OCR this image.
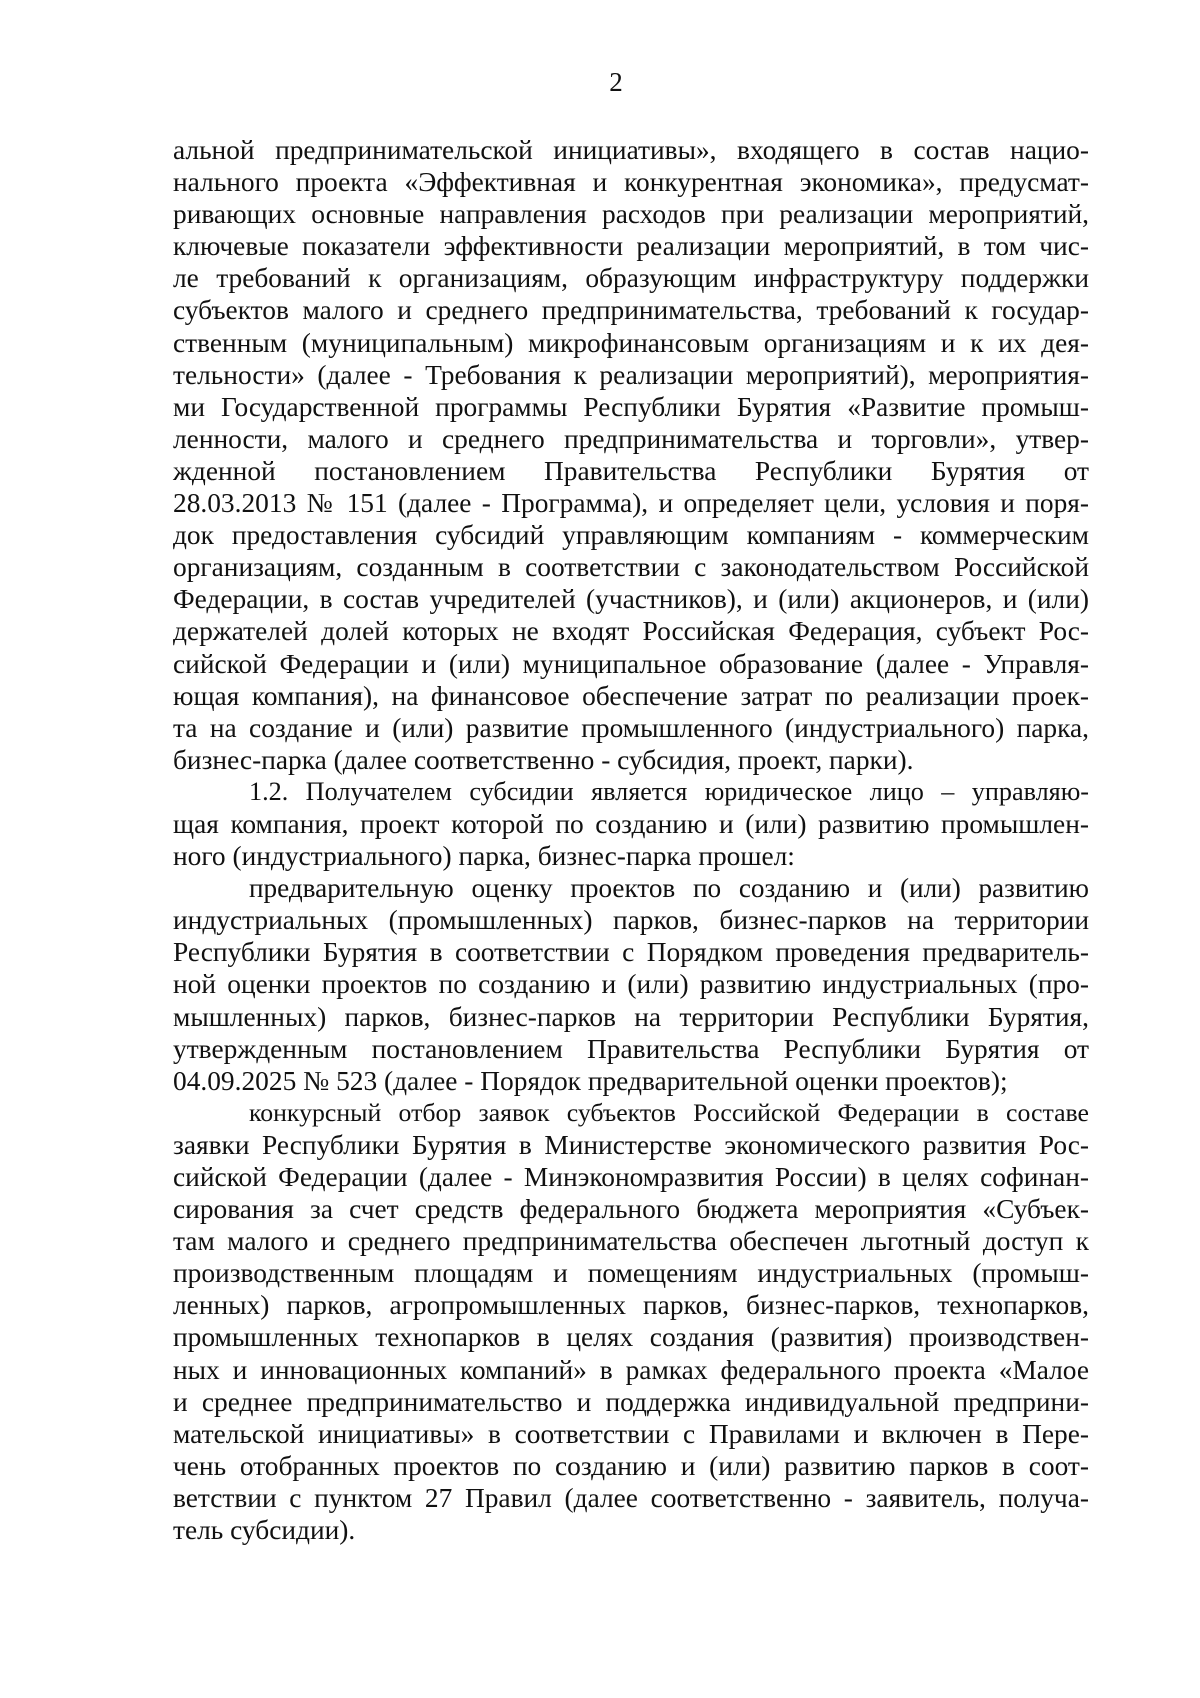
2
альной предпринимательской инициативы», входящего в состав нацио-
нального проекта «Эффективная и конкурентная экономика», предусмат-
ривающих основные направления расходов при реализации мероприятий,
ключевые показатели эффективности реализации мероприятий, в том чис-
ле требований к организациям, образующим инфраструктуру поддержки
субъектов малого и среднего предпринимательства, требований к государ-
ственным (муниципальным) микрофинансовым организациям и к их дея-
тельности» (далее - Требования к реализации мероприятий), мероприятия-
ми Государственной программы Республики Бурятия «Развитие промыш-
ленности, малого и среднего предпринимательства и торговли», утвер-
жденной постановлением Правительства Республики Бурятия от
28.03.2013 № 151 (далее - Программа), и определяет цели, условия и поря-
док предоставления субсидий управляющим компаниям - коммерческим
организациям, созданным в соответствии с законодательством Российской
Федерации, в состав учредителей (участников), и (или) акционеров, и (или)
держателей долей которых не входят Российская Федерация, субъект Рос-
сийской Федерации и (или) муниципальное образование (далее - Управля-
ющая компания), на финансовое обеспечение затрат по реализации проек-
та на создание и (или) развитие промышленного (индустриального) парка,
бизнес-парка (далее соответственно - субсидия, проект, парки).
1.2. Получателем субсидии является юридическое лицо – управляю-
щая компания, проект которой по созданию и (или) развитию промышлен-
ного (индустриального) парка, бизнес-парка прошел:
предварительную оценку проектов по созданию и (или) развитию
индустриальных (промышленных) парков, бизнес-парков на территории
Республики Бурятия в соответствии с Порядком проведения предваритель-
ной оценки проектов по созданию и (или) развитию индустриальных (про-
мышленных) парков, бизнес-парков на территории Республики Бурятия,
утвержденным постановлением Правительства Республики Бурятия от
04.09.2025 № 523 (далее - Порядок предварительной оценки проектов);
конкурсный отбор заявок субъектов Российской Федерации в составе
заявки Республики Бурятия в Министерстве экономического развития Рос-
сийской Федерации (далее - Минэкономразвития России) в целях софинан-
сирования за счет средств федерального бюджета мероприятия «Субъек-
там малого и среднего предпринимательства обеспечен льготный доступ к
производственным площадям и помещениям индустриальных (промыш-
ленных) парков, агропромышленных парков, бизнес-парков, технопарков,
промышленных технопарков в целях создания (развития) производствен-
ных и инновационных компаний» в рамках федерального проекта «Малое
и среднее предпринимательство и поддержка индивидуальной предприни-
мательской инициативы» в соответствии с Правилами и включен в Пере-
чень отобранных проектов по созданию и (или) развитию парков в соот-
ветствии с пунктом 27 Правил (далее соответственно - заявитель, получа-
тель субсидии).
